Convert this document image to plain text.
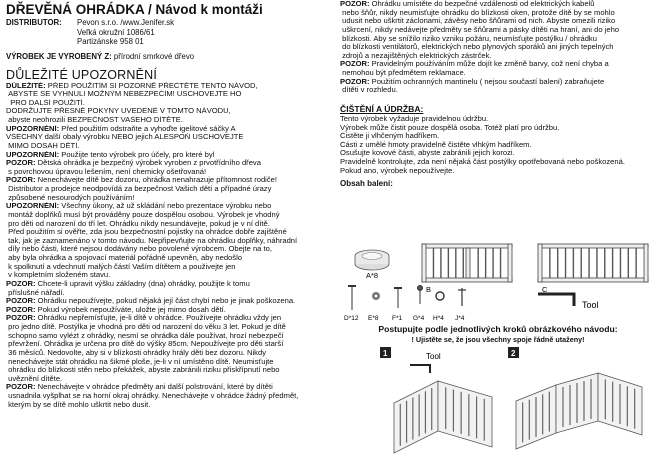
DŘEVĚNÁ OHRÁDKA / Návod k montáži
DISTRIBUTOR: Pevon s.r.o. /www.Jenifer.sk
Veľká okružní 1086/61
Partizánske 958 01
VÝROBEK JE VYROBENÝ Z: přírodní smrkové dřevo
DŮLEŽITÉ UPOZORNĚNÍ
DŮLEŽITÉ: PŘED POUŽITÍM SI POZORNĚ PŘEČTĚTE TENTO NÁVOD,
ABYSTE SE VYHNULI MOŽNÝM NEBEZPEČÍM! USCHOVEJTE HO
PRO DALŠÍ POUŽITÍ.
DODRŽUJTE PŘESNĚ POKYNY UVEDENÉ V TOMTO NÁVODU,
abyste neohrozili BEZPEČNOST VAŠEHO DÍTĚTE.
UPOZORNĚNÍ: Před použitím odstraňte a vyhoďte igelitové sáčky A
VŠECHNY další obaly výrobku NEBO jejich ALESPOŇ USCHOVEJTE
MIMO DOSAH DĚTÍ.
UPOZORNĚNÍ: Použijte tento výrobek pro účely, pro které byl
POZOR: Dětská ohrádka je bezpečný výrobek vyroben z prvotřídního dřeva
s povrchovou úpravou lešením, není chemicky ošetřovaná!
POZOR: Nenechávejte dítě bez dozoru, ohrádka nenahrazuje přítomnost rodiče!
Distributor a prodejce neodpovídá za bezpečnost Vašich dětí a případné úrazy
způsobené nesourodých používáním!
UPOZORNĚNÍ: Všechny úkony, až už skládání nebo prezentace výrobku nebo
montáž doplňků musí být prováděny pouze dospělou osobou. Výrobek je vhodný
pro děti od narození do tří let. Ohrádku nikdy nesundávejte, pokud je v ní dítě.
Před použitím si ověřte, zda jsou bezpečnostní pojistky na ohrádce dobře zajištěné
tak, jak je zaznamenáno v tomto návodu. Nepřipevňujte na ohrádku doplňky, náhradní
díly nebo části, které nejsou dodávány nebo povolené výrobcem. Obejte na to,
aby byla ohrádka a spojovací materiál pořádně upevněn, aby nedošlo
k spolknutí a vdechnutí malých částí Vaším dítětem a použivejte jen
v kompletním složeném stavu.
POZOR: Chcete-li upravit výšku základny (dna) ohrádky, použijte k tomu
příslušné nářadí.
POZOR: Ohrádku nepoužívejte, pokud nějaká její část chybí nebo je jinak poškozena.
POZOR: Pokud výrobek nepoužíváte, uložte jej mimo dosah dětí.
POZOR: Ohrádku nepřemísťujte, je-li dítě v ohrádce. Používejte ohrádku vždy jen
pro jedno dítě. Postýlka je vhodná pro děti od narození do věku 3 let. Pokud je dítě
schopno samo vylézt z ohrádky, nesmí se ohrádka dále používat, hrozí nebezpečí
převržení. Ohrádka je určena pro dítě do výšky 85cm. Nepoužívejte pro děti starší
36 měsíců. Nedovolte, aby si v blízkosti ohrádky hrály děti bez dozoru. Nikdy
nenechávejte stát ohrádku na šikmé ploše, je-li v ní umístěno dítě. Neumisťujte
ohrádku do blízkosti stěn nebo překážek, abyste zabránili riziku přiskřípnutí nebo
uvěznění dítěte.
POZOR: Nenechávejte v ohrádce předměty ani další polstrování, které by dítěti
usnadnila vyšplhat se na horní okraj ohrádky. Nenechávejte v ohrádce žádný předmět,
kterým by se dítě mohlo uškrtit nebo dusit.
POZOR: Ohrádku umístěte do bezpečné vzdálenosti od elektrických kabelů
nebo šňůr, nikdy neumisťujte ohrádku do blízkosti oken, protože dítě by se mohlo
udusit nebo uškrtit záclonami, závěsy nebo šňůrami od nich. Abyste omezili riziko
uškrcení, nikdy nedávejte předměty se šňůrami a pásky dítěti na hraní, ani do jeho
blízkosti. Aby se snížilo riziko vzniku požáru, neumísťujte postýlku / ohrádku
do blízkosti ventilátorů, elektrických nebo plynových sporáků ani jiných tepelných
zdrojů a nezajištěných elektrických zástrček.
POZOR: Pravidelným používáním může dojít ke změně barvy, což není chyba a
nemohou být předmětem reklamace.
POZOR: Použitím ochranných mantinelu ( nejsou součastí balení) zabraňujete
dítěti v rozhledu.
ČIŠTĚNÍ A ÚDRŽBA:
Tento výrobek vyžaduje pravidelnou údržbu.
Výrobek může čistit pouze dospělá osoba. Totéž platí pro údržbu.
Čistěte ji vlhčeným hadříkem.
Části z umělé hmoty pravidelně čistěte vlhkým hadříkem.
Osušujte kovové části, abyste zabránili jejich korozi.
Pravidelně kontrolujte, zda není nějaká část postýlky opotřebovaná nebo poškozená.
Pokud ano, výrobek nepoužívejte.
Obsah balení:
A*8
B	C
D*12 E*8 F*1 G*4 H*4 J*4
Tool
Postupujte podle jednotlivých kroků obrázkového návodu:
! Ujistěte se, že jsou všechny spoje řádně utaženy!
1	Tool	2
